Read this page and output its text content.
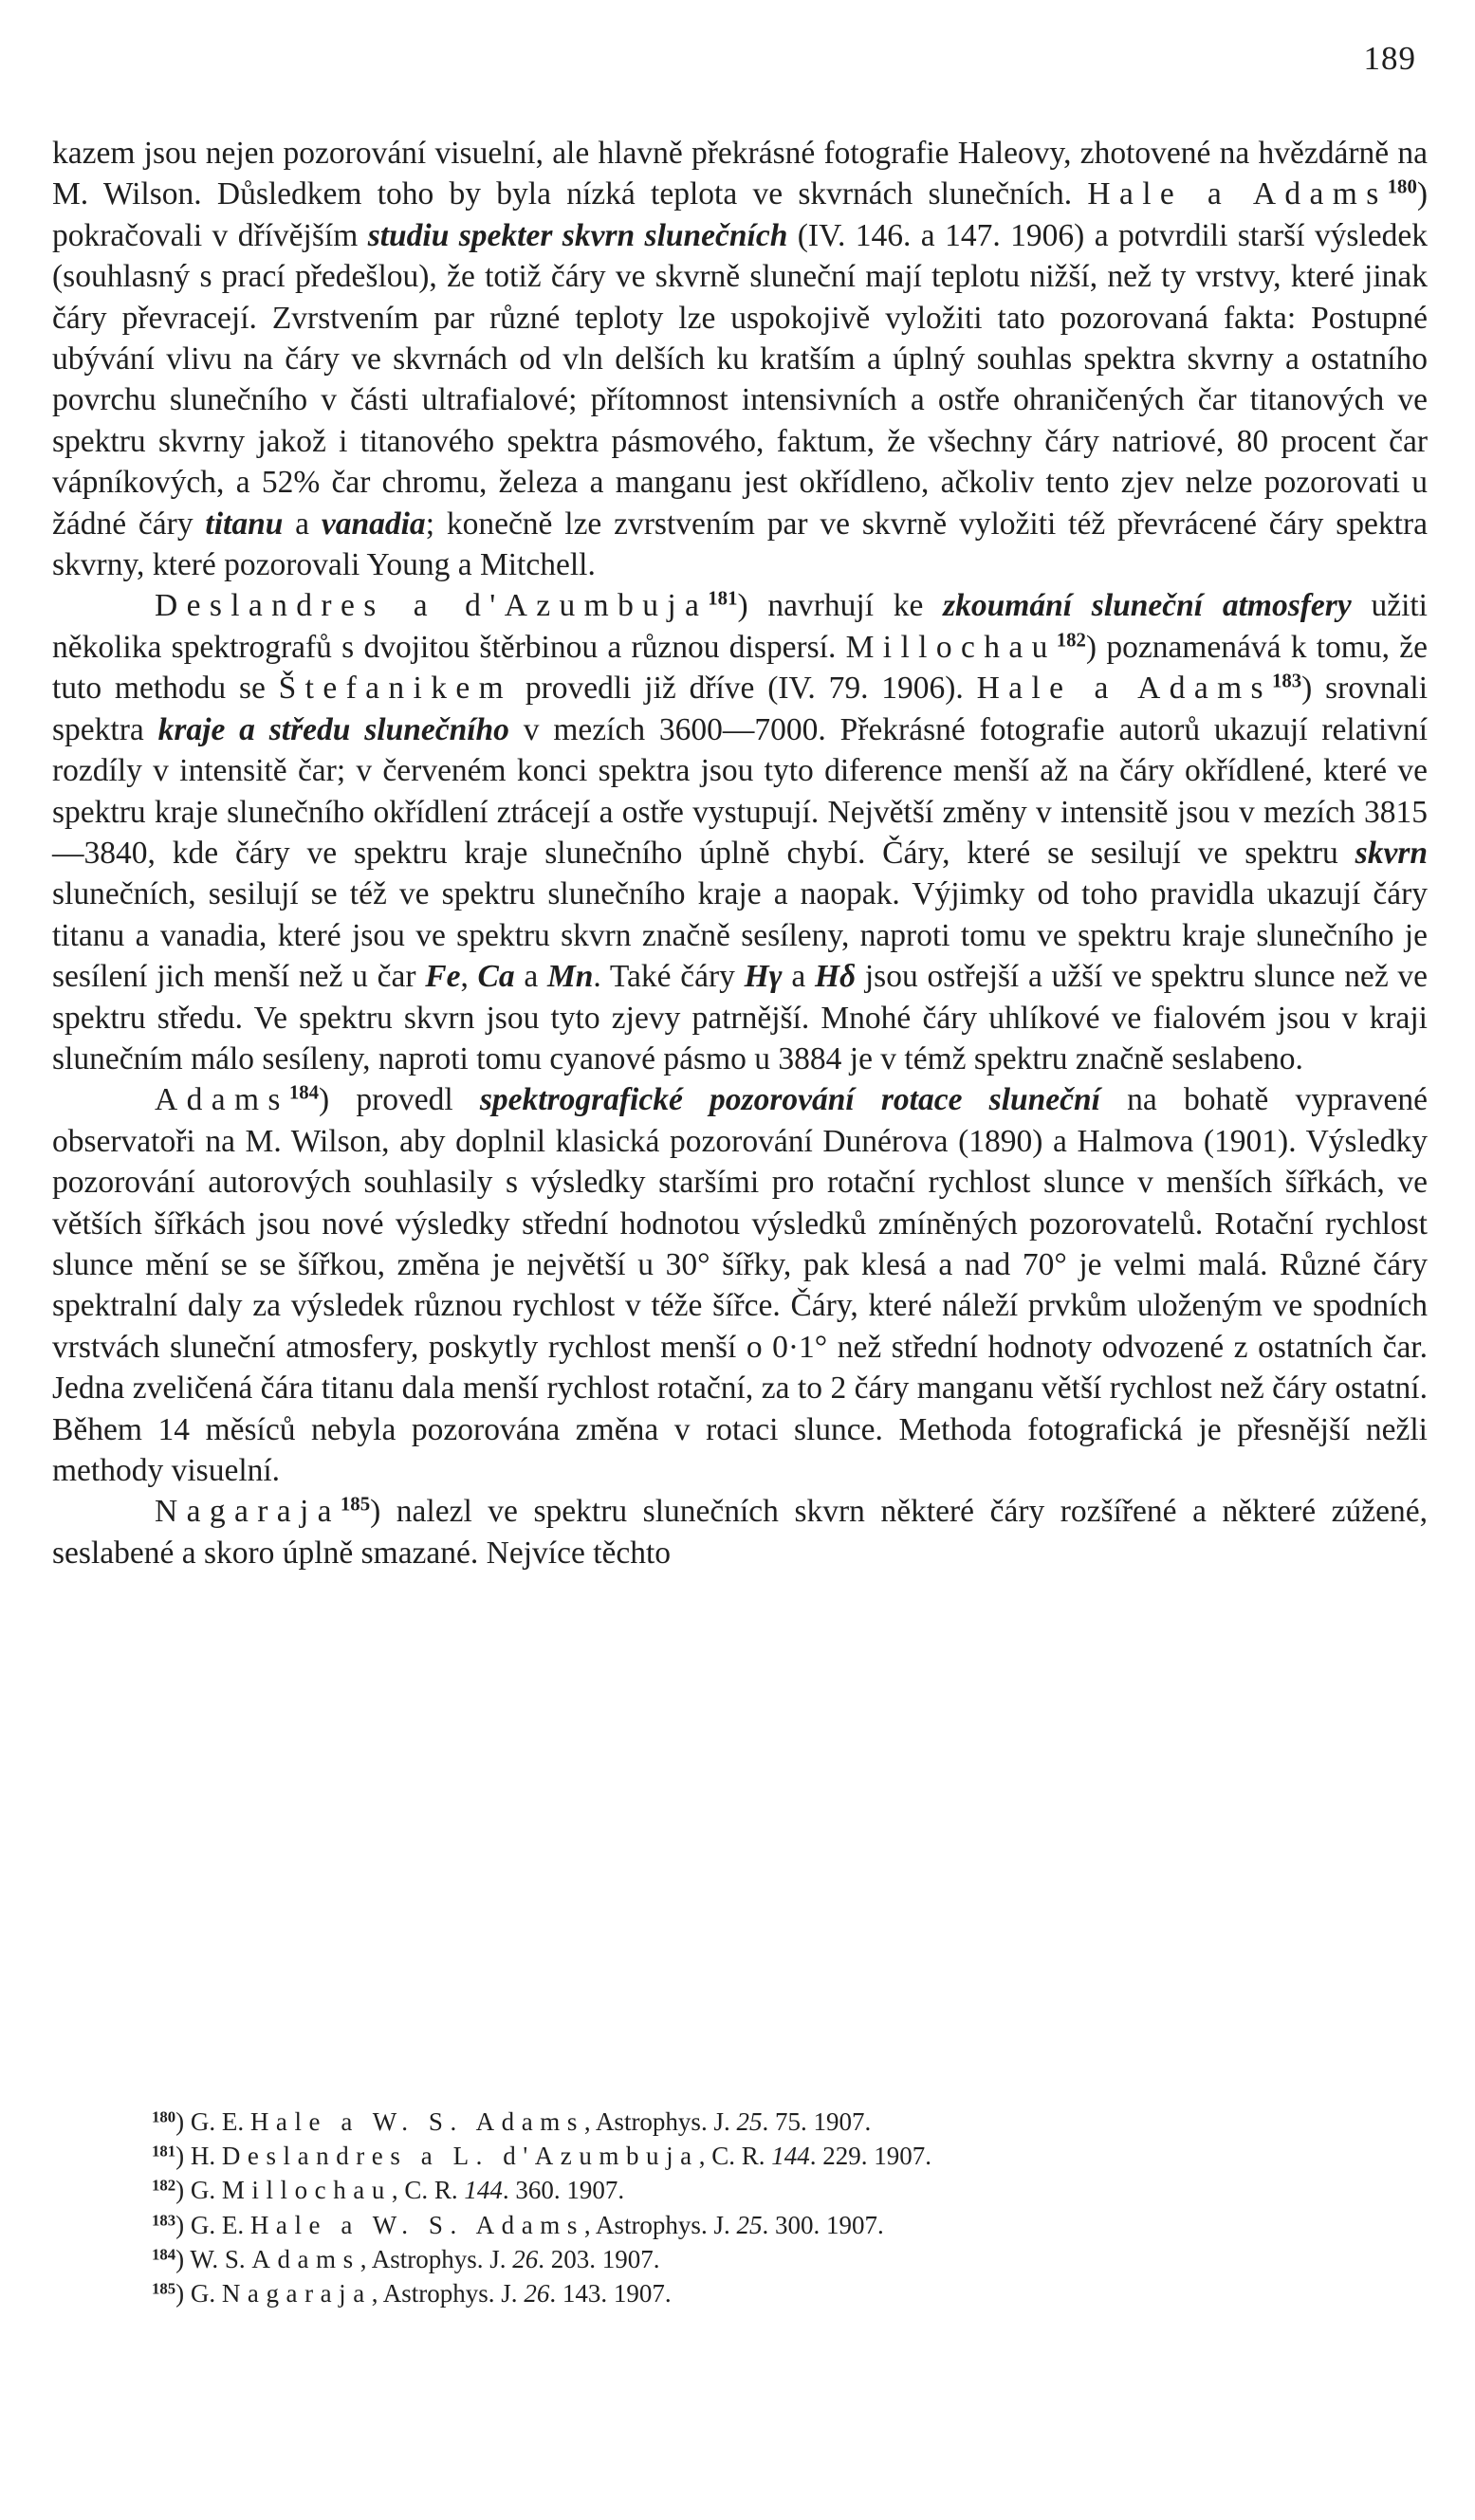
189

kazem jsou nejen pozorování visuelní, ale hlavně překrásné fotografie Haleovy, zhotovené na hvězdárně na M. Wilson. Důsledkem toho by byla nízká teplota ve skvrnách slunečních. Hale a Adams$^{180}$) pokračovali v dřívějším studiu spekter skvrn slunečních (IV. 146. a 147. 1906) a potvrdili starší výsledek (souhlasný s prací předešlou), že totiž čáry ve skvrně sluneční mají teplotu nižší, než ty vrstvy, které jinak čáry převracejí. Zvrstvením par různé teploty lze uspokojivě vyložiti tato pozorovaná fakta: Postupné ubývání vlivu na čáry ve skvrnách od vln delších ku kratším a úplný souhlas spektra skvrny a ostatního povrchu slunečního v části ultrafialové; přítomnost intensivních a ostře ohraničených čar titanových ve spektru skvrny jakož i titanového spektra pásmového, faktum, že všechny čáry natriové, 80 procent čar vápníkových, a 52% čar chromu, železa a manganu jest okřídleno, ačkoliv tento zjev nelze pozorovati u žádné čáry titanu a vanadia; konečně lze zvrstvením par ve skvrně vyložiti též převrácené čáry spektra skvrny, které pozorovali Young a Mitchell.

Deslandres a d'Azumbuja$^{181}$) navrhují ke zkoumání sluneční atmosfery užiti několika spektrografů s dvojitou štěrbinou a různou dispersí. Millochau$^{182}$) poznamenává k tomu, že tuto methodu se Štefanikem provedli již dříve (IV. 79. 1906). Hale a Adams$^{183}$) srovnali spektra kraje a středu slunečního v mezích 3600—7000. Překrásné fotografie autorů ukazují relativní rozdíly v intensitě čar; v červeném konci spektra jsou tyto diference menší až na čáry okřídlené, které ve spektru kraje slunečního okřídlení ztrácejí a ostře vystupují. Největší změny v intensitě jsou v mezích 3815—3840, kde čáry ve spektru kraje slunečního úplně chybí. Čáry, které se sesilují ve spektru skvrn slunečních, sesilují se též ve spektru slunečního kraje a naopak. Výjimky od toho pravidla ukazují čáry titanu a vanadia, které jsou ve spektru skvrn značně sesíleny, naproti tomu ve spektru kraje slunečního je sesílení jich menší než u čar Fe, Ca a Mn. Také čáry Hγ a Hδ jsou ostřejší a užší ve spektru slunce než ve spektru středu. Ve spektru skvrn jsou tyto zjevy patrnější. Mnohé čáry uhlíkové ve fialovém jsou v kraji slunečním málo sesíleny, naproti tomu cyanové pásmo u 3884 je v témž spektru značně seslabeno.

Adams$^{184}$) provedl spektrografické pozorování rotace sluneční na bohatě vypravené observatoři na M. Wilson, aby doplnil klasická pozorování Dunérova (1890) a Halmova (1901). Výsledky pozorování autorových souhlasily s výsledky staršími pro rotační rychlost slunce v menších šířkách, ve větších šířkách jsou nové výsledky střední hodnotou výsledků zmíněných pozorovatelů. Rotační rychlost slunce mění se se šířkou, změna je největší u 30° šířky, pak klesá a nad 70° je velmi malá. Různé čáry spektralní daly za výsledek různou rychlost v téže šířce. Čáry, které náleží prvkům uloženým ve spodních vrstvách sluneční atmosfery, poskytly rychlost menší o 0·1° než střední hodnoty odvozené z ostatních čar. Jedna zveličená čára titanu dala menší rychlost rotační, za to 2 čáry manganu větší rychlost než čáry ostatní. Během 14 měsíců nebyla pozorována změna v rotaci slunce. Methoda fotografická je přesnější nežli methody visuelní.

Nagaraja$^{185}$) nalezl ve spektru slunečních skvrn některé čáry rozšířené a některé zúžené, seslabené a skoro úplně smazané. Nejvíce těchto

$^{180}$) G. E. Hale a W. S. Adams, Astrophys. J. 25. 75. 1907.

$^{181}$) H. Deslandres a L. d'Azumbuja, C. R. 144. 229. 1907.

$^{182}$) G. Millochau, C. R. 144. 360. 1907.

$^{183}$) G. E. Hale a W. S. Adams, Astrophys. J. 25. 300. 1907.

$^{184}$) W. S. Adams, Astrophys. J. 26. 203. 1907.

$^{185}$) G. Nagaraja, Astrophys. J. 26. 143. 1907.
